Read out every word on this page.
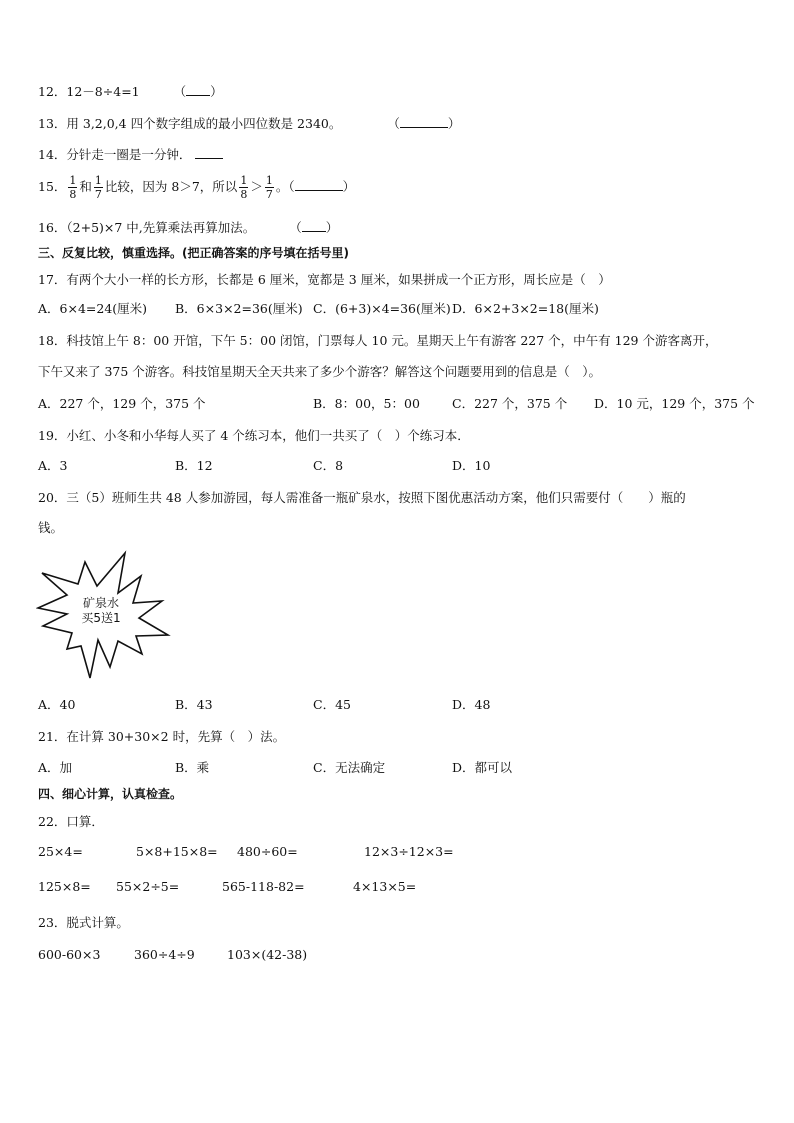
12．12－8÷4=1	（ ）
13．用 3,2,0,4 四个数字组成的最小四位数是 2340。	（	）
14．分针走一圈是一分钟．
15． $\frac{1}{8}$ 和 $\frac{1}{7}$ 比较，因为 8＞7，所以 $\frac{1}{8} > \frac{1}{7}$ 。（	）
16．（2+5)×7 中,先算乘法再算加法。	（ ）
三、反复比较，慎重选择。(把正确答案的序号填在括号里)
17．有两个大小一样的长方形，长都是 6 厘米，宽都是 3 厘米，如果拼成一个正方形，周长应是（　）
A．6×4=24(厘米) B．6×3×2=36(厘米) C．(6+3)×4=36(厘米) D．6×2+3×2=18(厘米)
18．科技馆上午 8：00 开馆，下午 5：00 闭馆，门票每人 10 元。星期天上午有游客 227 个，中午有 129 个游客离开，
下午又来了 375 个游客。科技馆星期天全天共来了多少个游客？解答这个问题要用到的信息是（　）。
A．227 个，129 个，375 个	B．8：00，5：00	C．227 个，375 个 D．10 元，129 个，375 个
19．小红、小冬和小华每人买了 4 个练习本，他们一共买了（　）个练习本．
A．3	B．12	C．8	D．10
20．三（5）班师生共 48 人参加游园，每人需准备一瓶矿泉水，按照下图优惠活动方案，他们只需要付（　　）瓶的
钱。
矿泉水
买5送1
A．40	B．43	C．45	D．48
21．在计算 30+30×2 时，先算（　）法。
A．加	B．乘	C．无法确定	D．都可以
四、细心计算，认真检查。
22．口算．
25×4=	5×8+15×8= 480÷60=	12×3÷12×3=
125×8= 55×2÷5=	565-118-82=	4×13×5=
23．脱式计算。
600-60×3	360÷4÷9	103×(42-38)
